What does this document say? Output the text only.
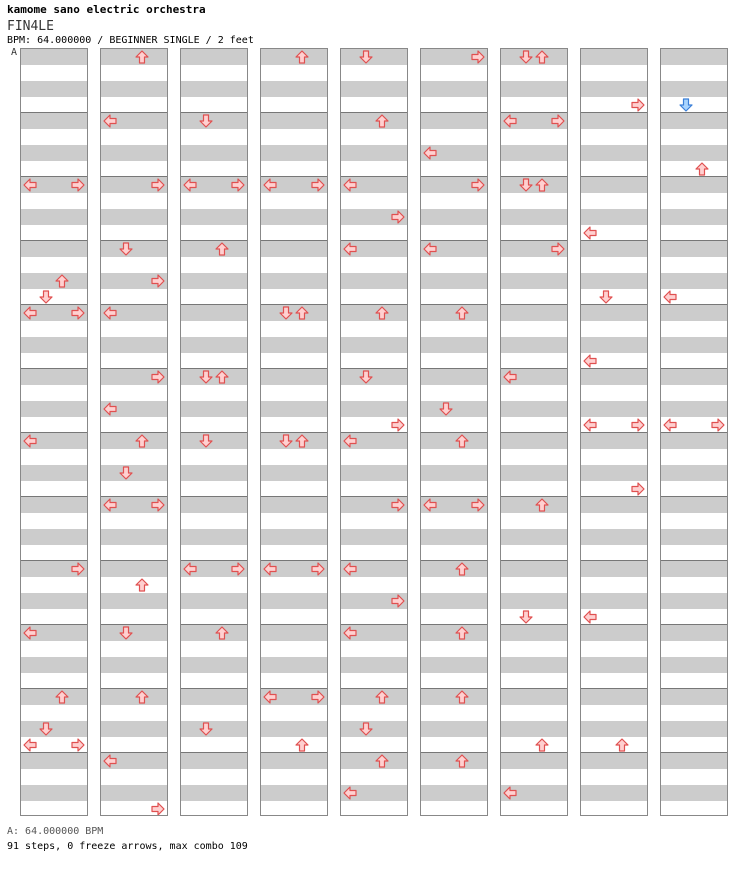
kamome sano electric orchestra
FIN4LE
BPM: 64.000000 / BEGINNER SINGLE / 2 feet
A
A: 64.000000 BPM
91 steps, 0 freeze arrows, max combo 109
